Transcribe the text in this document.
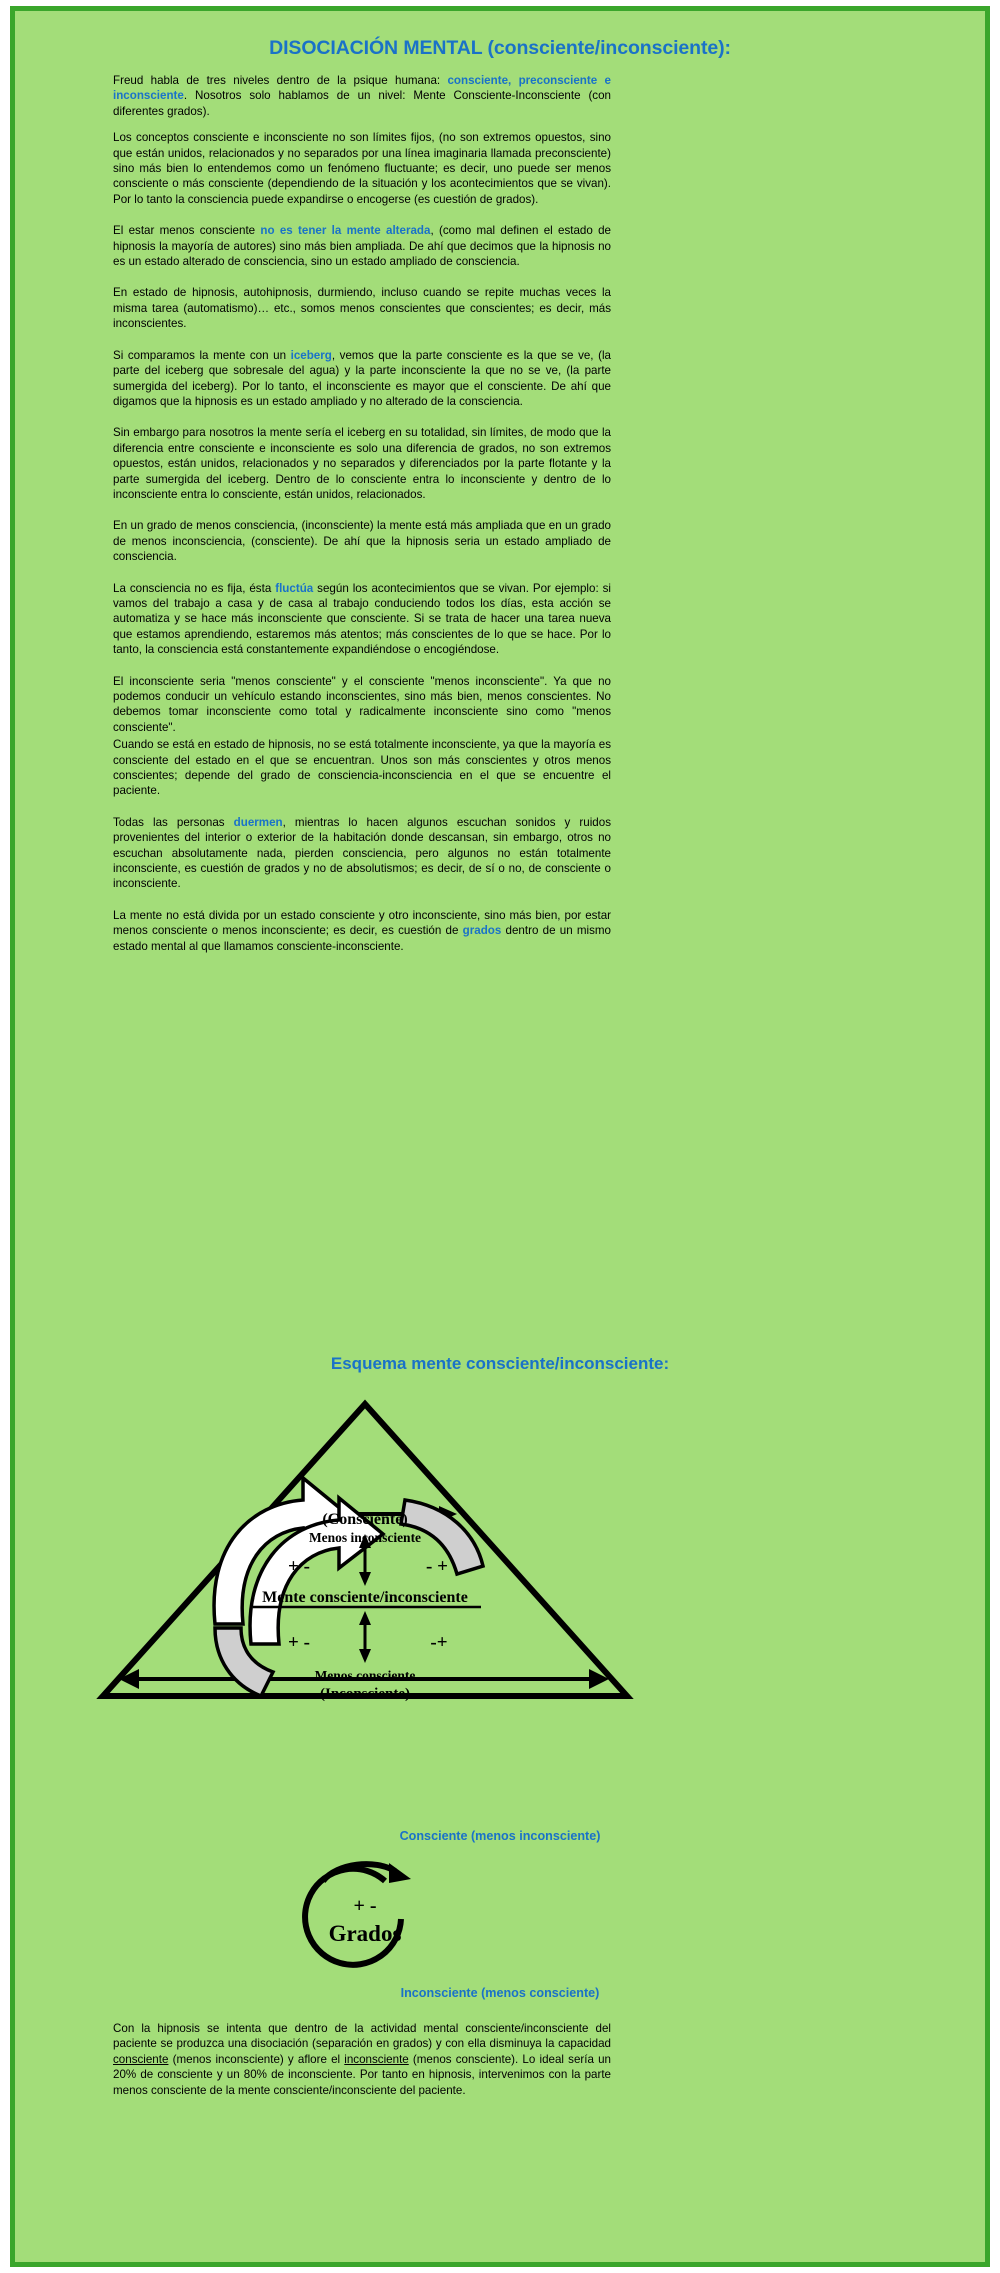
DISOCIACIÓN MENTAL (consciente/inconsciente):

Freud habla de tres niveles dentro de la psique humana: consciente, preconsciente e inconsciente. Nosotros solo hablamos de un nivel: Mente Consciente-Inconsciente (con diferentes grados).

Los conceptos consciente e inconsciente no son límites fijos, (no son extremos opuestos, sino que están unidos, relacionados y no separados por una línea imaginaria llamada preconsciente) sino más bien lo entendemos como un fenómeno fluctuante; es decir, uno puede ser menos consciente o más consciente (dependiendo de la situación y los acontecimientos que se vivan). Por lo tanto la consciencia puede expandirse o encogerse (es cuestión de grados).

El estar menos consciente no es tener la mente alterada, (como mal definen el estado de hipnosis la mayoría de autores) sino más bien ampliada. De ahí que decimos que la hipnosis no es un estado alterado de consciencia, sino un estado ampliado de consciencia.

En estado de hipnosis, autohipnosis, durmiendo, incluso cuando se repite muchas veces la misma tarea (automatismo)… etc., somos menos conscientes que conscientes; es decir, más inconscientes.

Si comparamos la mente con un iceberg, vemos que la parte consciente es la que se ve, (la parte del iceberg que sobresale del agua) y la parte inconsciente la que no se ve, (la parte sumergida del iceberg). Por lo tanto, el inconsciente es mayor que el consciente. De ahí que digamos que la hipnosis es un estado ampliado y no alterado de la consciencia.

Sin embargo para nosotros la mente sería el iceberg en su totalidad, sin límites, de modo que la diferencia entre consciente e inconsciente es solo una diferencia de grados, no son extremos opuestos, están unidos, relacionados y no separados y diferenciados por la parte flotante y la parte sumergida del iceberg. Dentro de lo consciente entra lo inconsciente y dentro de lo inconsciente entra lo consciente, están unidos, relacionados.

En un grado de menos consciencia, (inconsciente) la mente está más ampliada que en un grado de menos inconsciencia, (consciente). De ahí que la hipnosis seria un estado ampliado de consciencia.

La consciencia no es fija, ésta fluctúa según los acontecimientos que se vivan. Por ejemplo: si vamos del trabajo a casa y de casa al trabajo conduciendo todos los días, esta acción se automatiza y se hace más inconsciente que consciente. Si se trata de hacer una tarea nueva que estamos aprendiendo, estaremos más atentos; más conscientes de lo que se hace. Por lo tanto, la consciencia está constantemente expandiéndose o encogiéndose.

El inconsciente seria "menos consciente" y el consciente "menos inconsciente". Ya que no podemos conducir un vehículo estando inconscientes, sino más bien, menos conscientes. No debemos tomar inconsciente como total y radicalmente inconsciente sino como "menos consciente".

Cuando se está en estado de hipnosis, no se está totalmente inconsciente, ya que la mayoría es consciente del estado en el que se encuentran. Unos son más conscientes y otros menos conscientes; depende del grado de consciencia-inconsciencia en el que se encuentre el paciente.

Todas las personas duermen, mientras lo hacen algunos escuchan sonidos y ruidos provenientes del interior o exterior de la habitación donde descansan, sin embargo, otros no escuchan absolutamente nada, pierden consciencia, pero algunos no están totalmente inconsciente, es cuestión de grados y no de absolutismos; es decir, de sí o no, de consciente o inconsciente.

La mente no está divida por un estado consciente y otro inconsciente, sino más bien, por estar menos consciente o menos inconsciente; es decir, es cuestión de grados dentro de un mismo estado mental al que llamamos consciente-inconsciente.

Esquema mente consciente/inconsciente:
(Consciente)
Menos inconsciente
+ -	- +
Mente consciente/inconsciente
+ -	-+
Menos consciente
(Inconsciente)
Consciente (menos inconsciente)
+ -
Grados
Inconsciente (menos consciente)

Con la hipnosis se intenta que dentro de la actividad mental consciente/inconsciente del paciente se produzca una disociación (separación en grados) y con ella disminuya la capacidad consciente (menos inconsciente) y aflore el inconsciente (menos consciente). Lo ideal sería un 20% de consciente y un 80% de inconsciente. Por tanto en hipnosis, intervenimos con la parte menos consciente de la mente consciente/inconsciente del paciente.
